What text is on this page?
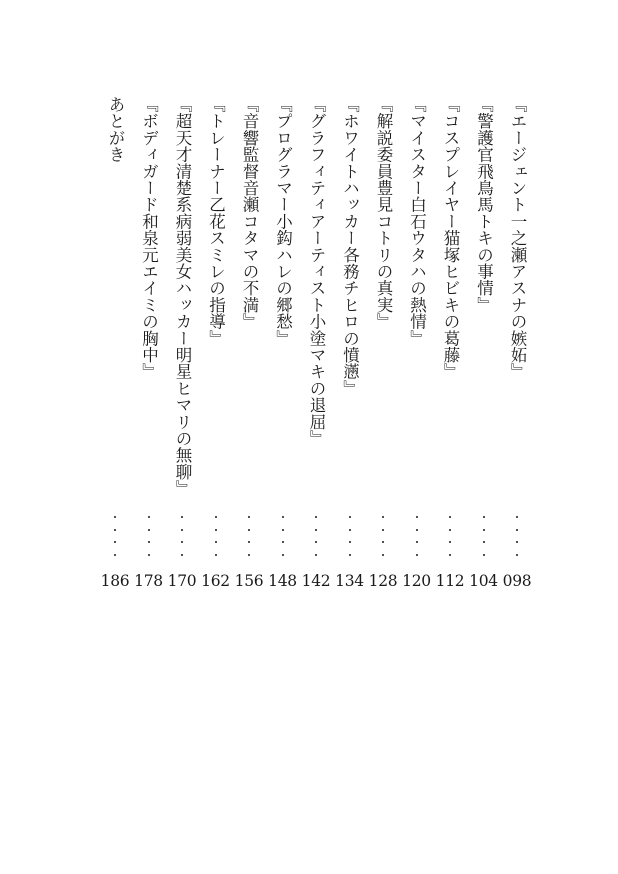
『エージェント一之瀬アスナの嫉妬』
098
『警護官飛鳥馬トキの事情』
104
『コスプレイヤー猫塚ヒビキの葛藤』
112
『マイスター白石ウタハの熱情』
120
『解説委員豊見コトリの真実』
128
『ホワイトハッカー各務チヒロの憤懣』
134
『グラフィティアーティスト小塗マキの退屈』
142
『プログラマー小鈎ハレの郷愁』
148
『音響監督音瀬コタマの不満』
156
『トレーナー乙花スミレの指導』
162
『超天才清楚系病弱美女ハッカー明星ヒマリの無聊』
170
『ボディガード和泉元エイミの胸中』
178
あとがき
186
